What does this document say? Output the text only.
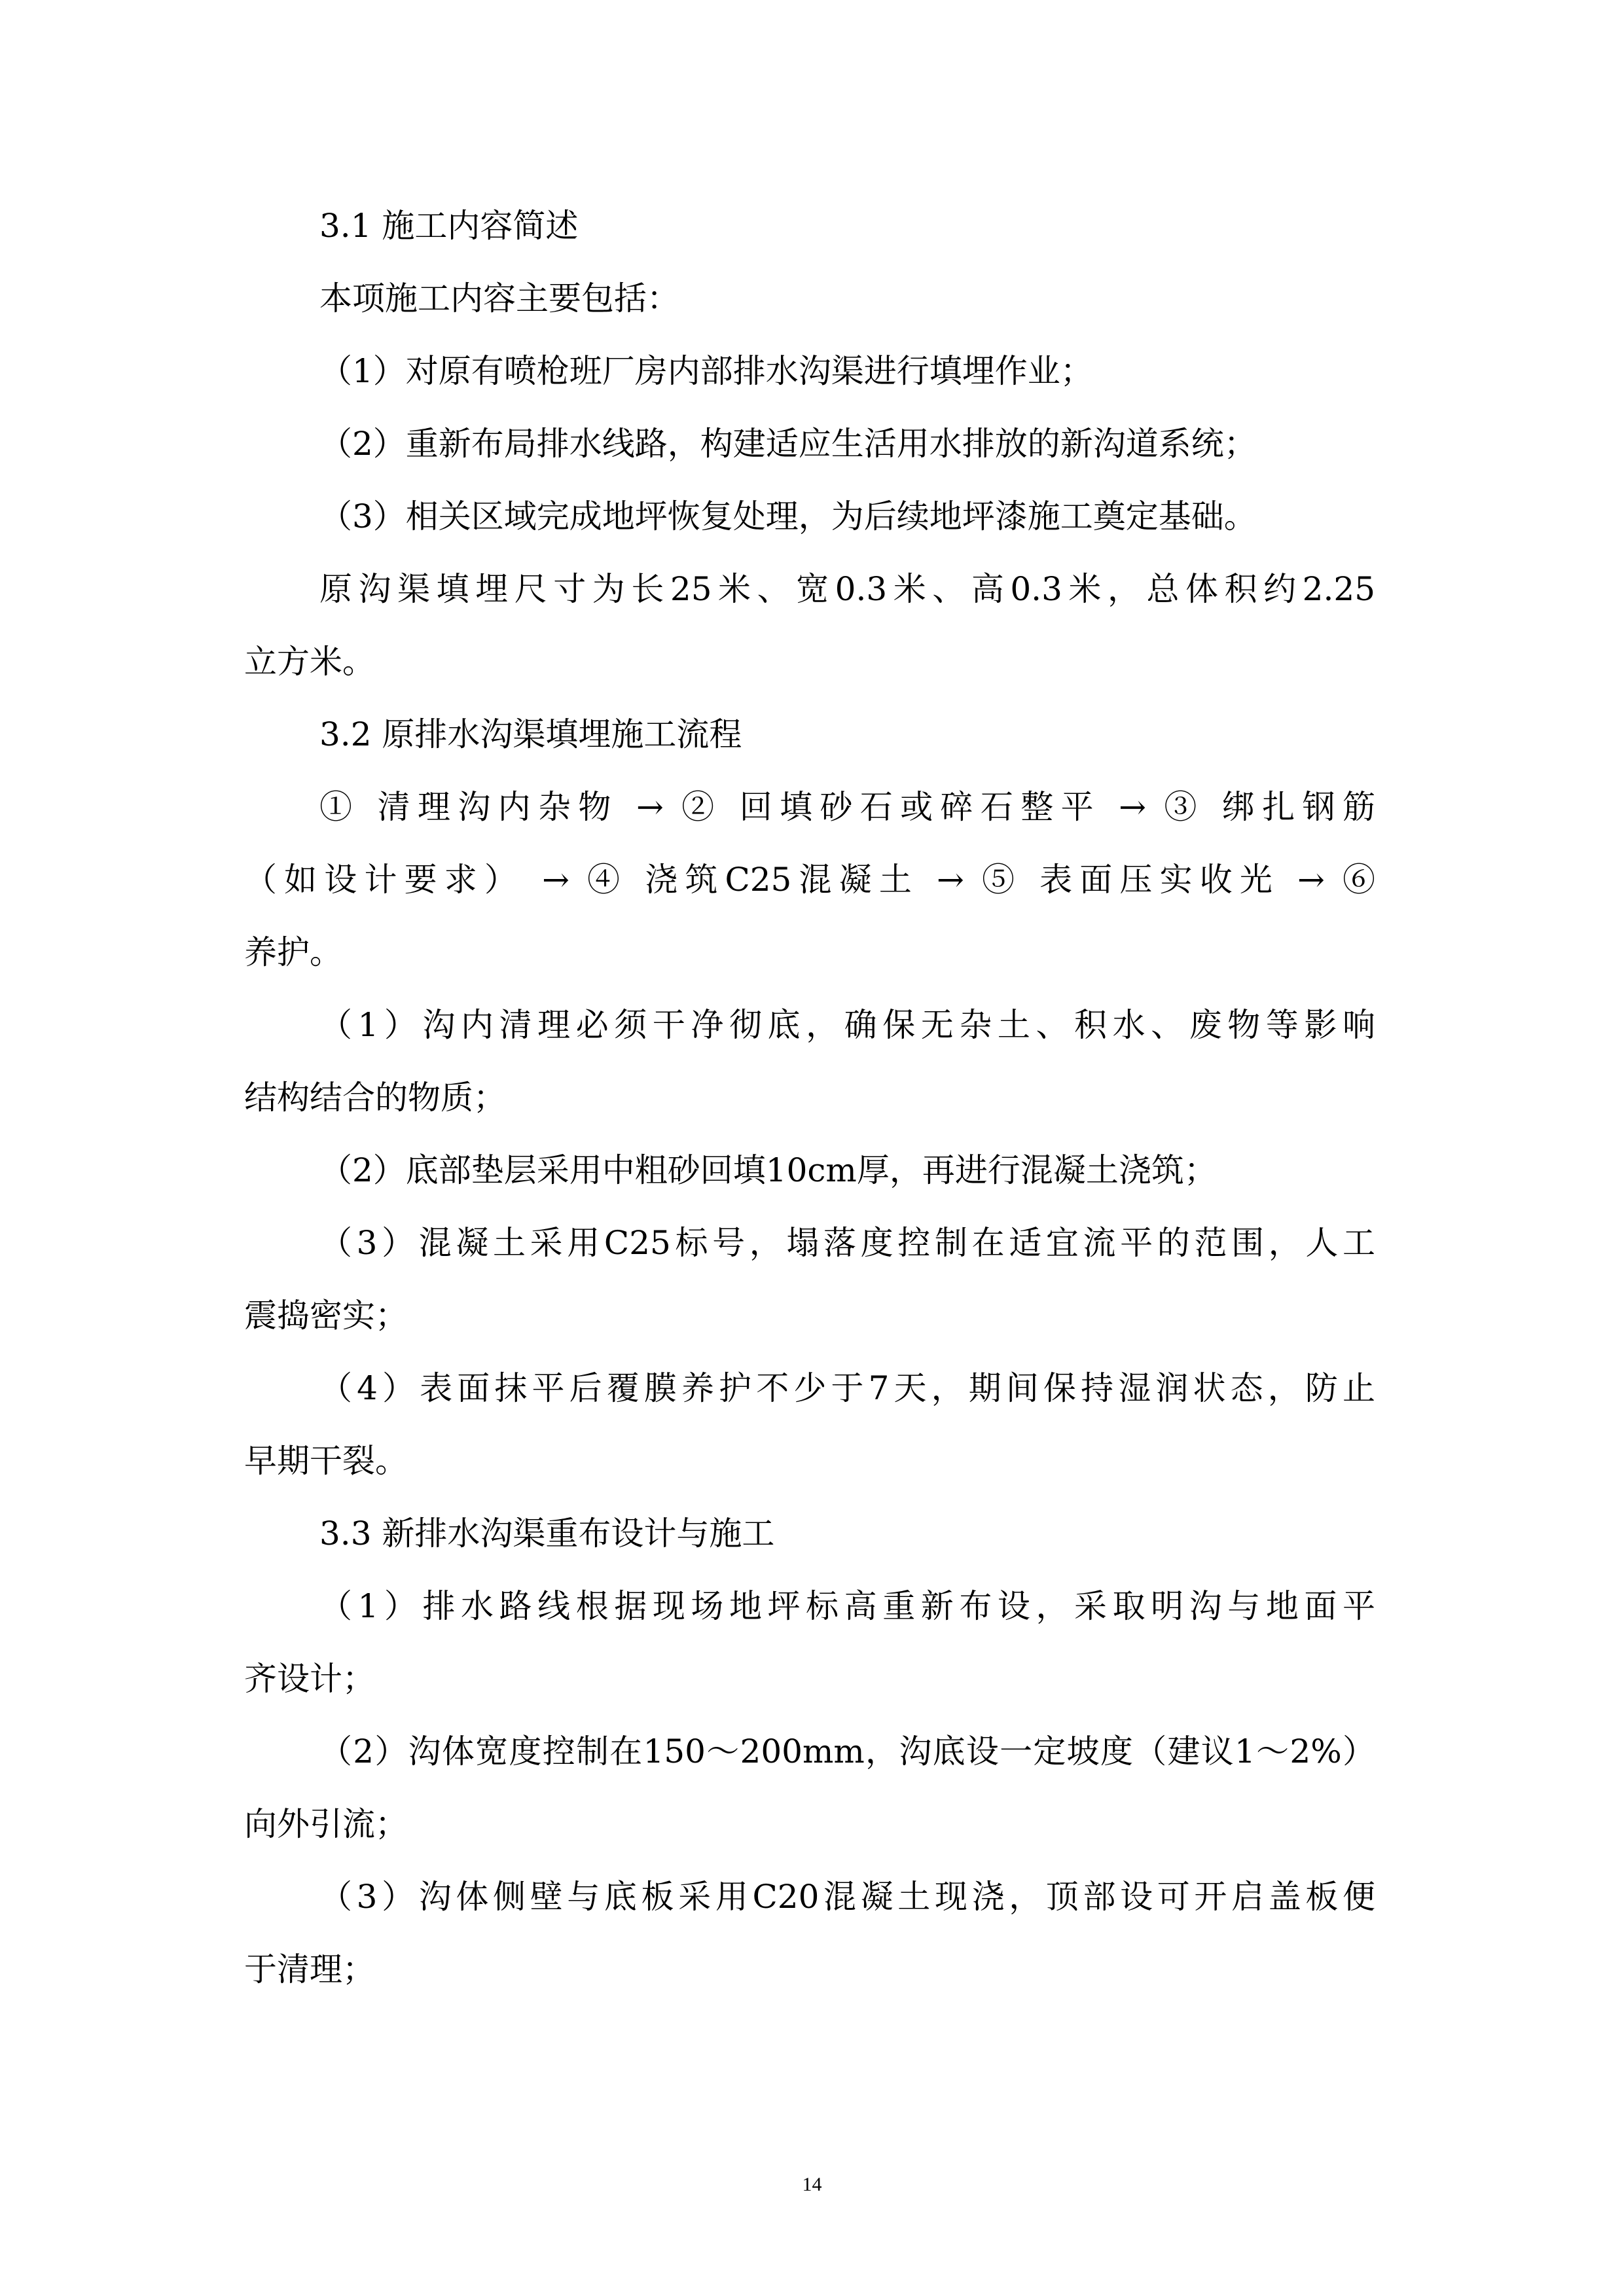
3.1 施工内容简述

本项施工内容主要包括：

（1）对原有喷枪班厂房内部排水沟渠进行填埋作业；

（2）重新布局排水线路，构建适应生活用水排放的新沟道系统；

（3）相关区域完成地坪恢复处理，为后续地坪漆施工奠定基础。

原沟渠填埋尺寸为长25米、宽0.3米、高0.3米，总体积约2.25

立方米。

3.2 原排水沟渠填埋施工流程

① 清理沟内杂物 → ② 回填砂石或碎石整平 → ③ 绑扎钢筋

（如设计要求） → ④ 浇筑C25混凝土 → ⑤ 表面压实收光 → ⑥

养护。

（1）沟内清理必须干净彻底，确保无杂土、积水、废物等影响

结构结合的物质；

（2）底部垫层采用中粗砂回填10cm厚，再进行混凝土浇筑；

（3）混凝土采用C25标号，塌落度控制在适宜流平的范围，人工

震捣密实；

（4）表面抹平后覆膜养护不少于7天，期间保持湿润状态，防止

早期干裂。

3.3 新排水沟渠重布设计与施工

（1）排水路线根据现场地坪标高重新布设，采取明沟与地面平

齐设计；

（2）沟体宽度控制在150～200mm，沟底设一定坡度（建议1～2%）

向外引流；

（3）沟体侧壁与底板采用C20混凝土现浇，顶部设可开启盖板便

于清理；

14
